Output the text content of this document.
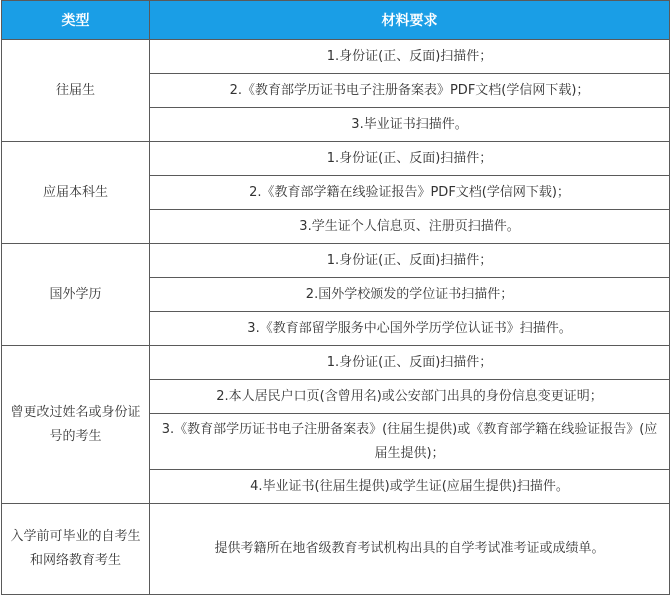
类型	材料要求
往届生	1.身份证(正、反面)扫描件；
	2.《教育部学历证书电子注册备案表》PDF文档(学信网下载)；
	3.毕业证书扫描件。
应届本科生	1.身份证(正、反面)扫描件；
	2.《教育部学籍在线验证报告》PDF文档(学信网下载)；
	3.学生证个人信息页、注册页扫描件。
国外学历	1.身份证(正、反面)扫描件；
	2.国外学校颁发的学位证书扫描件；
	3.《教育部留学服务中心国外学历学位认证书》扫描件。
曾更改过姓名或身份证号的考生	1.身份证(正、反面)扫描件；
	2.本人居民户口页(含曾用名)或公安部门出具的身份信息变更证明；
	3.《教育部学历证书电子注册备案表》(往届生提供)或《教育部学籍在线验证报告》(应届生提供)；
	4.毕业证书(往届生提供)或学生证(应届生提供)扫描件。
入学前可毕业的自考生和网络教育考生	提供考籍所在地省级教育考试机构出具的自学考试准考证或成绩单。
